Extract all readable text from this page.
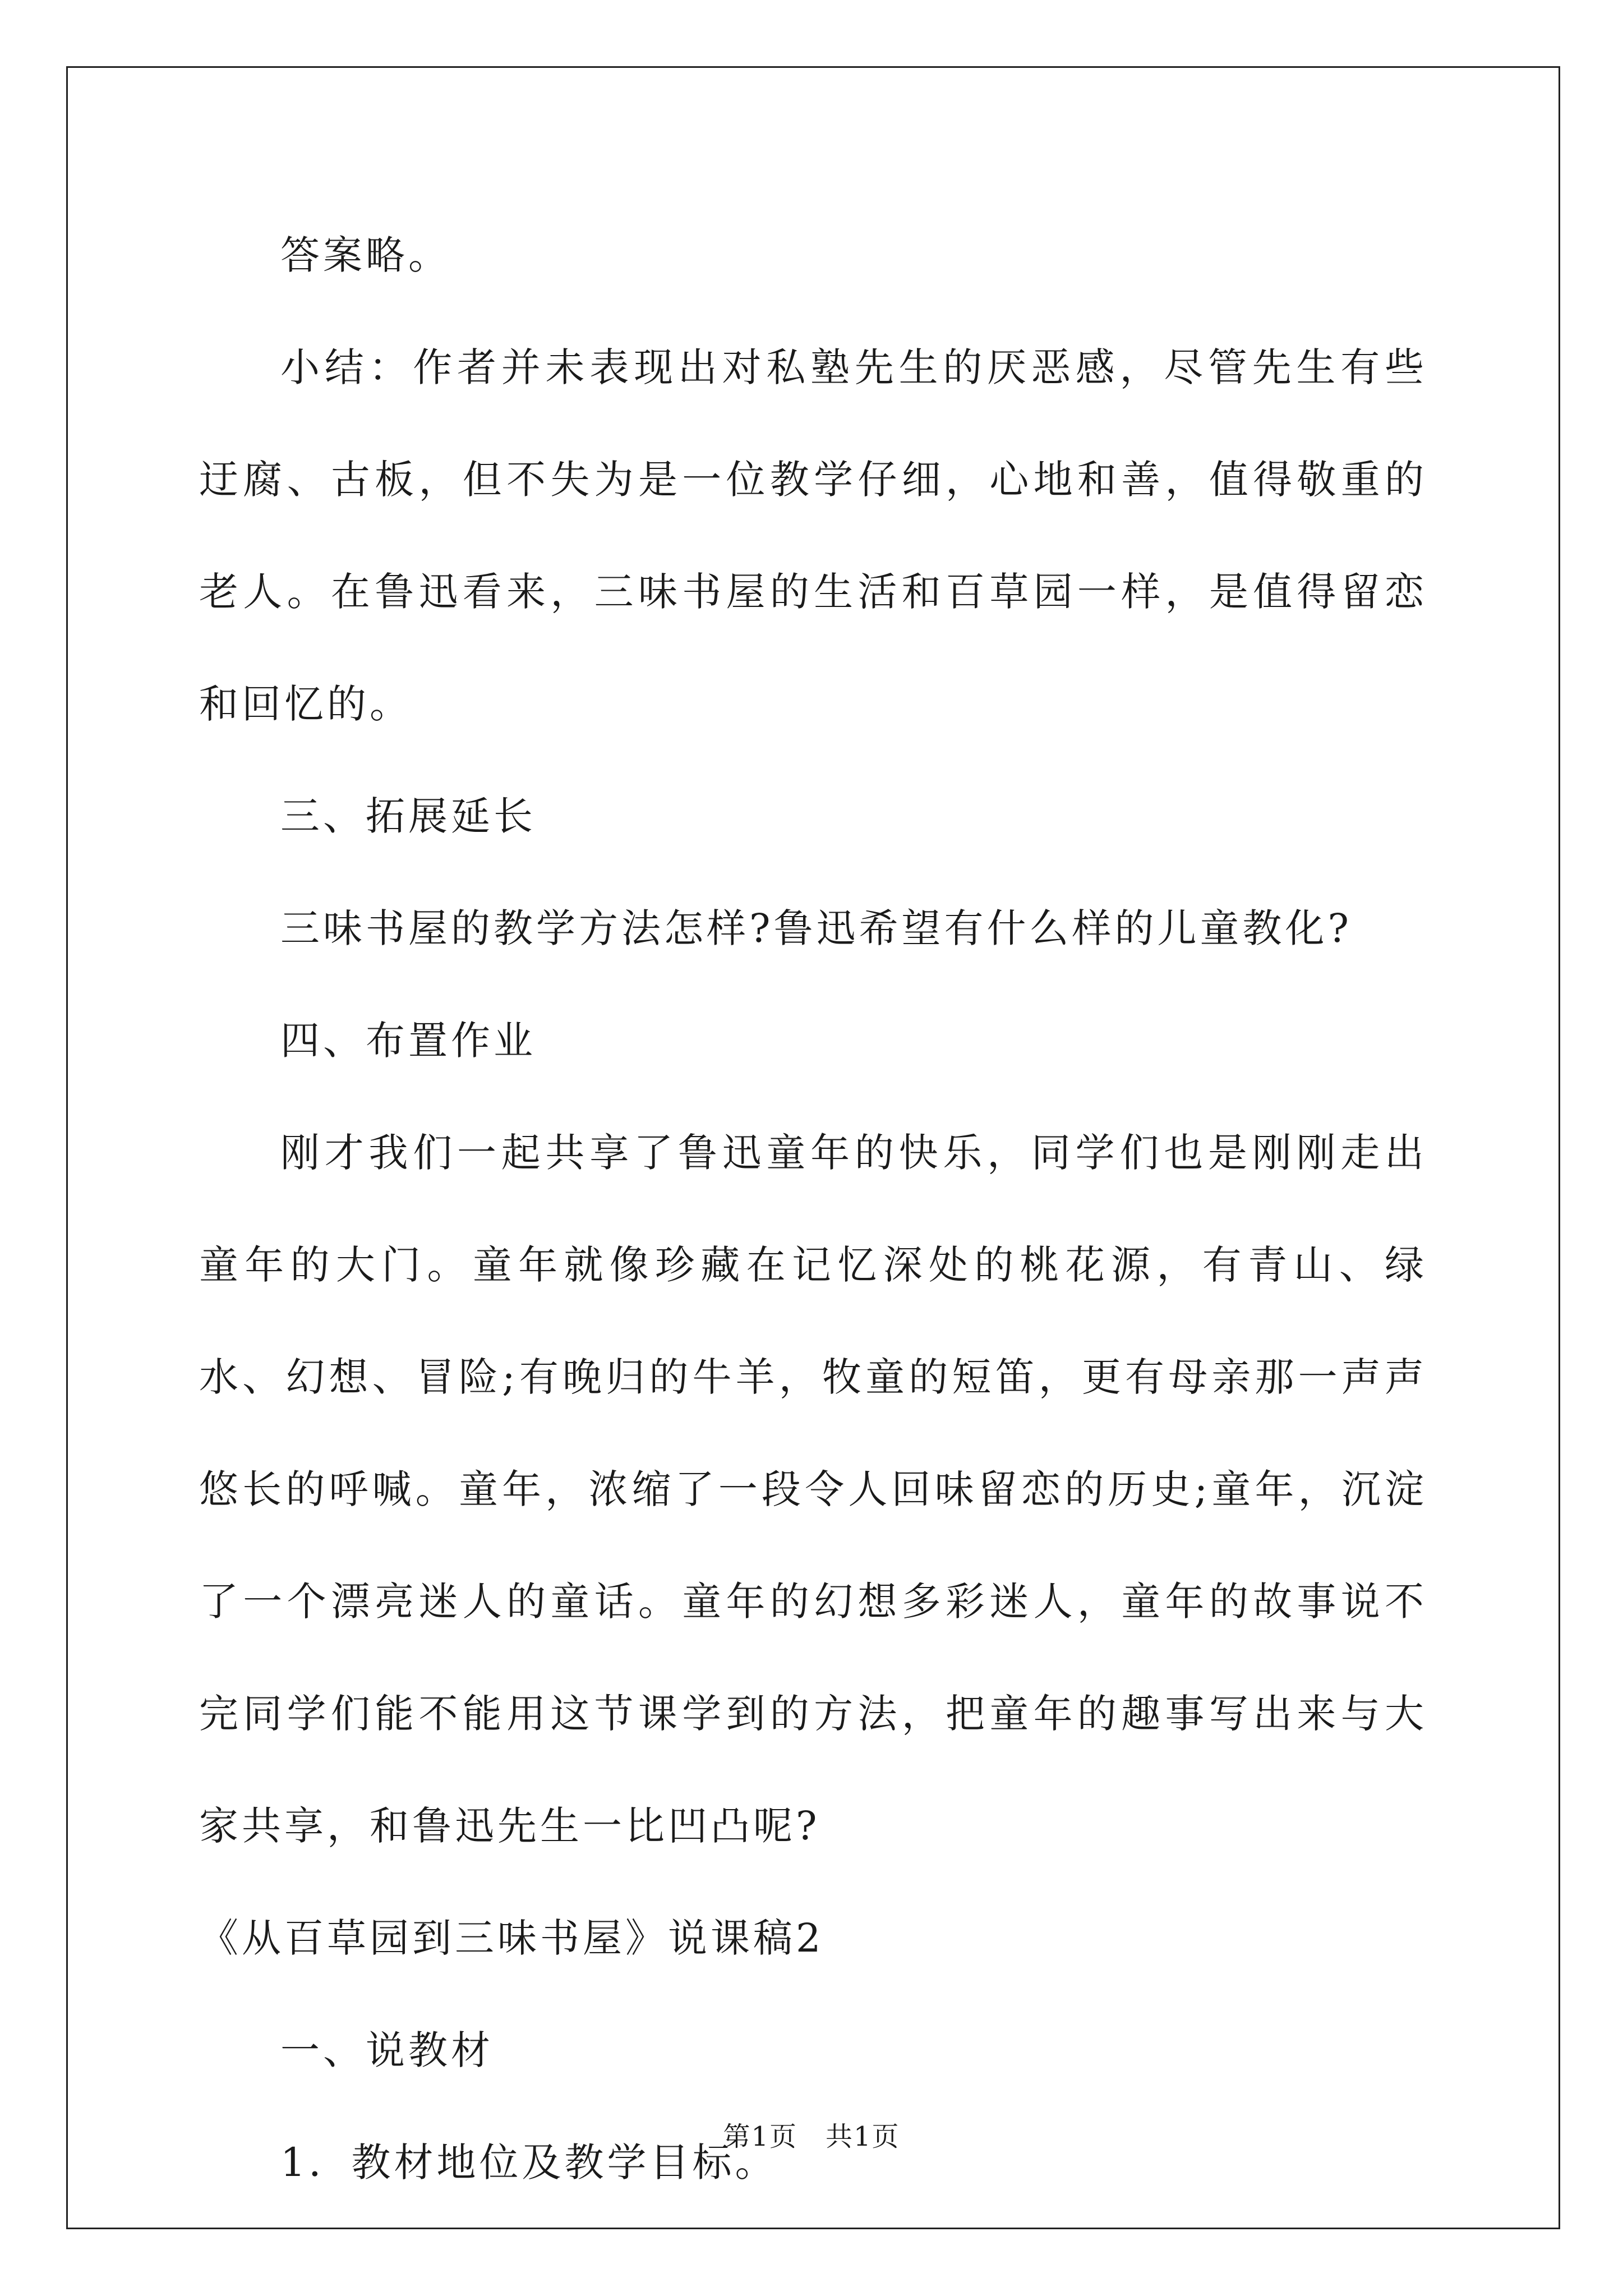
答案略。

小结：作者并未表现出对私塾先生的厌恶感，尽管先生有些迂腐、古板，但不失为是一位教学仔细，心地和善，值得敬重的老人。在鲁迅看来，三味书屋的生活和百草园一样，是值得留恋和回忆的。

三、拓展延长

三味书屋的教学方法怎样?鲁迅希望有什么样的儿童教化?

四、布置作业

刚才我们一起共享了鲁迅童年的快乐，同学们也是刚刚走出童年的大门。童年就像珍藏在记忆深处的桃花源，有青山、绿水、幻想、冒险;有晚归的牛羊，牧童的短笛，更有母亲那一声声悠长的呼喊。童年，浓缩了一段令人回味留恋的历史;童年，沉淀了一个漂亮迷人的童话。童年的幻想多彩迷人，童年的故事说不完同学们能不能用这节课学到的方法，把童年的趣事写出来与大家共享，和鲁迅先生一比凹凸呢?

《从百草园到三味书屋》说课稿2

一、说教材

1．教材地位及教学目标。

第1页　共1页
